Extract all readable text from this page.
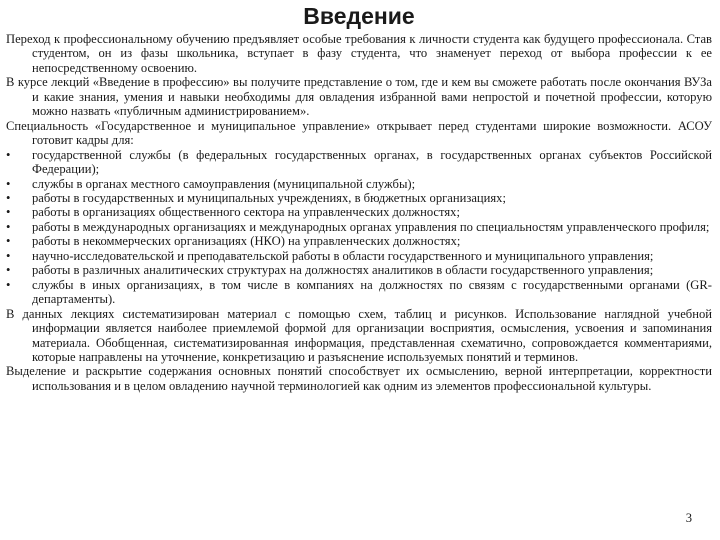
Введение

Переход к профессиональному обучению предъявляет особые требования к личности студента как будущего профессионала. Став студентом, он из фазы школьника, вступает в фазу студента, что знаменует переход от выбора профессии к ее непосредственному освоению.

В курсе лекций «Введение в профессию» вы получите представление о том, где и кем вы сможете работать после окончания ВУЗа и какие знания, умения и навыки необходимы для овладения избранной вами непростой и почетной профессии, которую можно назвать «публичным администрированием».

Специальность «Государственное и муниципальное управление» открывает перед студентами широкие возможности. АСОУ готовит кадры для:

•	государственной службы (в федеральных государственных органах, в государственных органах субъектов Российской Федерации);
•	службы в органах местного самоуправления (муниципальной службы);
•	работы в государственных и муниципальных учреждениях, в бюджетных организациях;
•	работы в организациях общественного сектора на управленческих должностях;
•	работы в международных организациях и международных органах управления по специальностям управленческого профиля;
•	работы в некоммерческих организациях (НКО) на управленческих должностях;
•	научно-исследовательской и преподавательской работы в области государственного и муниципального управления;
•	работы в различных аналитических структурах на должностях аналитиков в области государственного управления;
•	службы в иных организациях, в том числе в компаниях на должностях по связям с государственными органами (GR-департаменты).

В данных лекциях систематизирован материал с помощью схем, таблиц и рисунков. Использование наглядной учебной информации является наиболее приемлемой формой для организации восприятия, осмысления, усвоения и запоминания материала. Обобщенная, систематизированная информация, представленная схематично, сопровождается комментариями, которые направлены на уточнение, конкретизацию и разъяснение используемых понятий и терминов.

Выделение и раскрытие содержания основных понятий способствует их осмыслению, верной интерпретации, корректности использования и в целом овладению научной терминологией как одним из элементов профессиональной культуры.

3
